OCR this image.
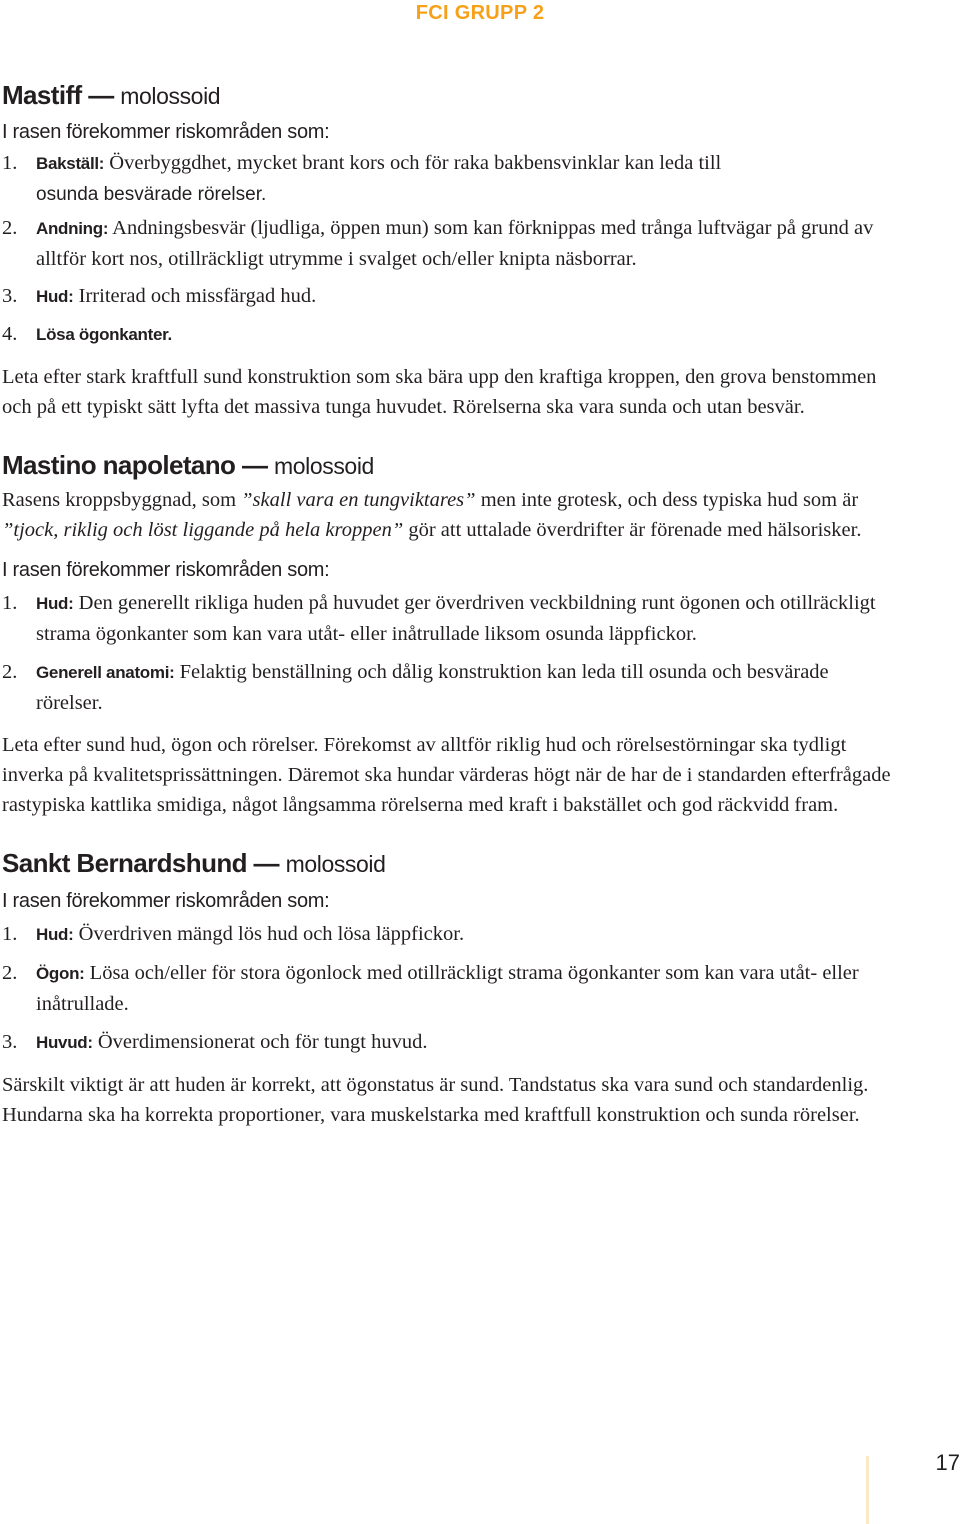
FCI GRUPP 2
Mastiff — molossoid

I rasen förekommer riskområden som:

1. Bakställ: Överbyggdhet, mycket brant kors och för raka bakbensvinklar kan leda till
osunda besvärade rörelser.
2. Andning: Andningsbesvär (ljudliga, öppen mun) som kan förknippas med trånga luftvägar på grund av alltför kort nos, otillräckligt utrymme i svalget och/eller knipta näsborrar.
3. Hud: Irriterad och missfärgad hud.
4. Lösa ögonkanter.

Leta efter stark kraftfull sund konstruktion som ska bära upp den kraftiga kroppen, den grova benstommen och på ett typiskt sätt lyfta det massiva tunga huvudet. Rörelserna ska vara sunda och utan besvär.

Mastino napoletano — molossoid

Rasens kroppsbyggnad, som ”skall vara en tungviktares” men inte grotesk, och dess typiska hud som är ”tjock, riklig och löst liggande på hela kroppen” gör att uttalade överdrifter är förenade med hälsorisker.

I rasen förekommer riskområden som:

1. Hud: Den generellt rikliga huden på huvudet ger överdriven veckbildning runt ögonen och otillräckligt strama ögonkanter som kan vara utåt- eller inåtrullade liksom osunda läppfickor.
2. Generell anatomi: Felaktig benställning och dålig konstruktion kan leda till osunda och besvärade rörelser.

Leta efter sund hud, ögon och rörelser. Förekomst av alltför riklig hud och rörelsestörningar ska tydligt inverka på kvalitetsprissättningen. Däremot ska hundar värderas högt när de har de i standarden efterfrågade rastypiska kattlika smidiga, något långsamma rörelserna med kraft i bakstället och god räckvidd fram.

Sankt Bernardshund — molossoid

I rasen förekommer riskområden som:

1. Hud: Överdriven mängd lös hud och lösa läppfickor.
2. Ögon: Lösa och/eller för stora ögonlock med otillräckligt strama ögonkanter som kan vara utåt- eller inåtrullade.
3. Huvud: Överdimensionerat och för tungt huvud.

Särskilt viktigt är att huden är korrekt, att ögonstatus är sund. Tandstatus ska vara sund och standardenlig. Hundarna ska ha korrekta proportioner, vara muskelstarka med kraftfull konstruktion och sunda rörelser.

17
